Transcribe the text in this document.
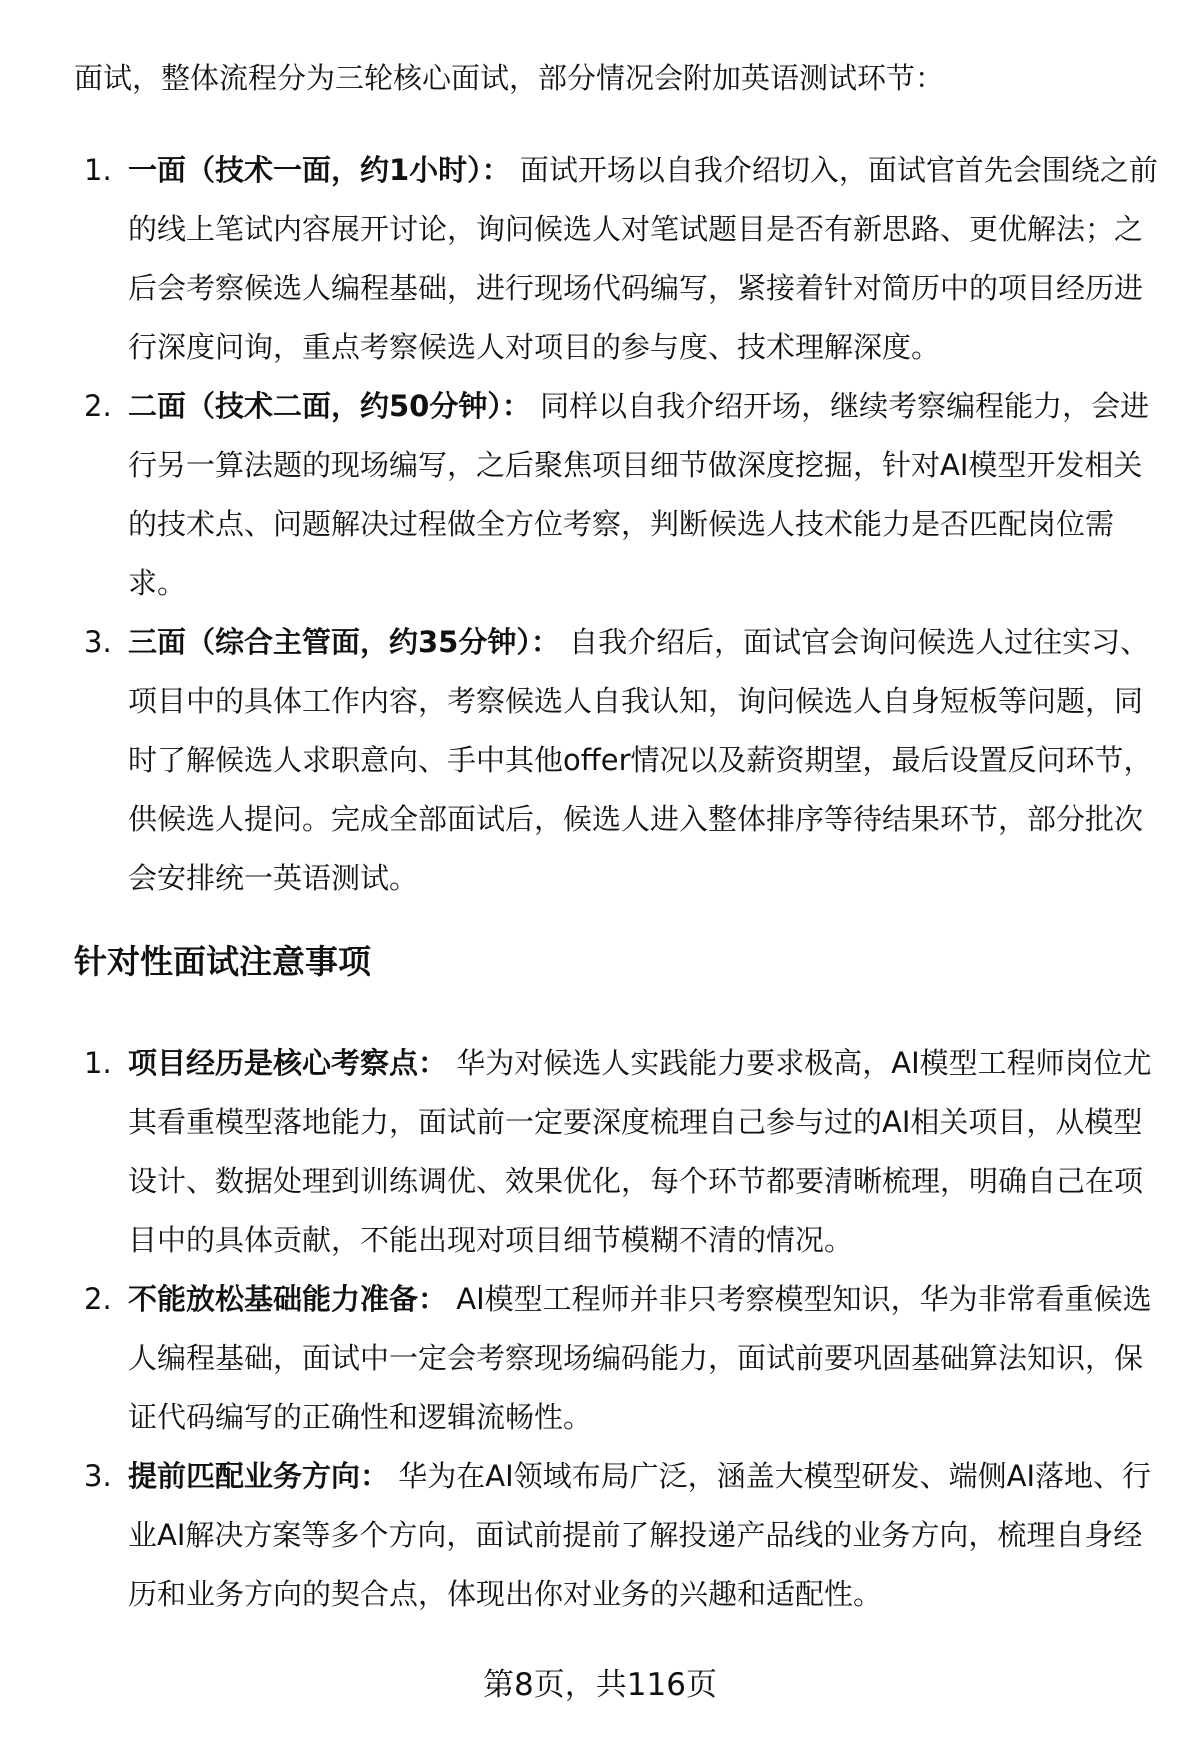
面试，整体流程分为三轮核心面试，部分情况会附加英语测试环节：

1. 一面（技术一面，约1小时）： 面试开场以自我介绍切入，面试官首先会围绕之前的线上笔试内容展开讨论，询问候选人对笔试题目是否有新思路、更优解法；之后会考察候选人编程基础，进行现场代码编写，紧接着针对简历中的项目经历进行深度问询，重点考察候选人对项目的参与度、技术理解深度。
2. 二面（技术二面，约50分钟）： 同样以自我介绍开场，继续考察编程能力，会进行另一算法题的现场编写，之后聚焦项目细节做深度挖掘，针对AI模型开发相关的技术点、问题解决过程做全方位考察，判断候选人技术能力是否匹配岗位需求。
3. 三面（综合主管面，约35分钟）： 自我介绍后，面试官会询问候选人过往实习、项目中的具体工作内容，考察候选人自我认知，询问候选人自身短板等问题，同时了解候选人求职意向、手中其他offer情况以及薪资期望，最后设置反问环节，供候选人提问。完成全部面试后，候选人进入整体排序等待结果环节，部分批次会安排统一英语测试。
针对性面试注意事项
1. 项目经历是核心考察点： 华为对候选人实践能力要求极高，AI模型工程师岗位尤其看重模型落地能力，面试前一定要深度梳理自己参与过的AI相关项目，从模型设计、数据处理到训练调优、效果优化，每个环节都要清晰梳理，明确自己在项目中的具体贡献，不能出现对项目细节模糊不清的情况。
2. 不能放松基础能力准备： AI模型工程师并非只考察模型知识，华为非常看重候选人编程基础，面试中一定会考察现场编码能力，面试前要巩固基础算法知识，保证代码编写的正确性和逻辑流畅性。
3. 提前匹配业务方向： 华为在AI领域布局广泛，涵盖大模型研发、端侧AI落地、行业AI解决方案等多个方向，面试前提前了解投递产品线的业务方向，梳理自身经历和业务方向的契合点，体现出你对业务的兴趣和适配性。
第8页，共116页
